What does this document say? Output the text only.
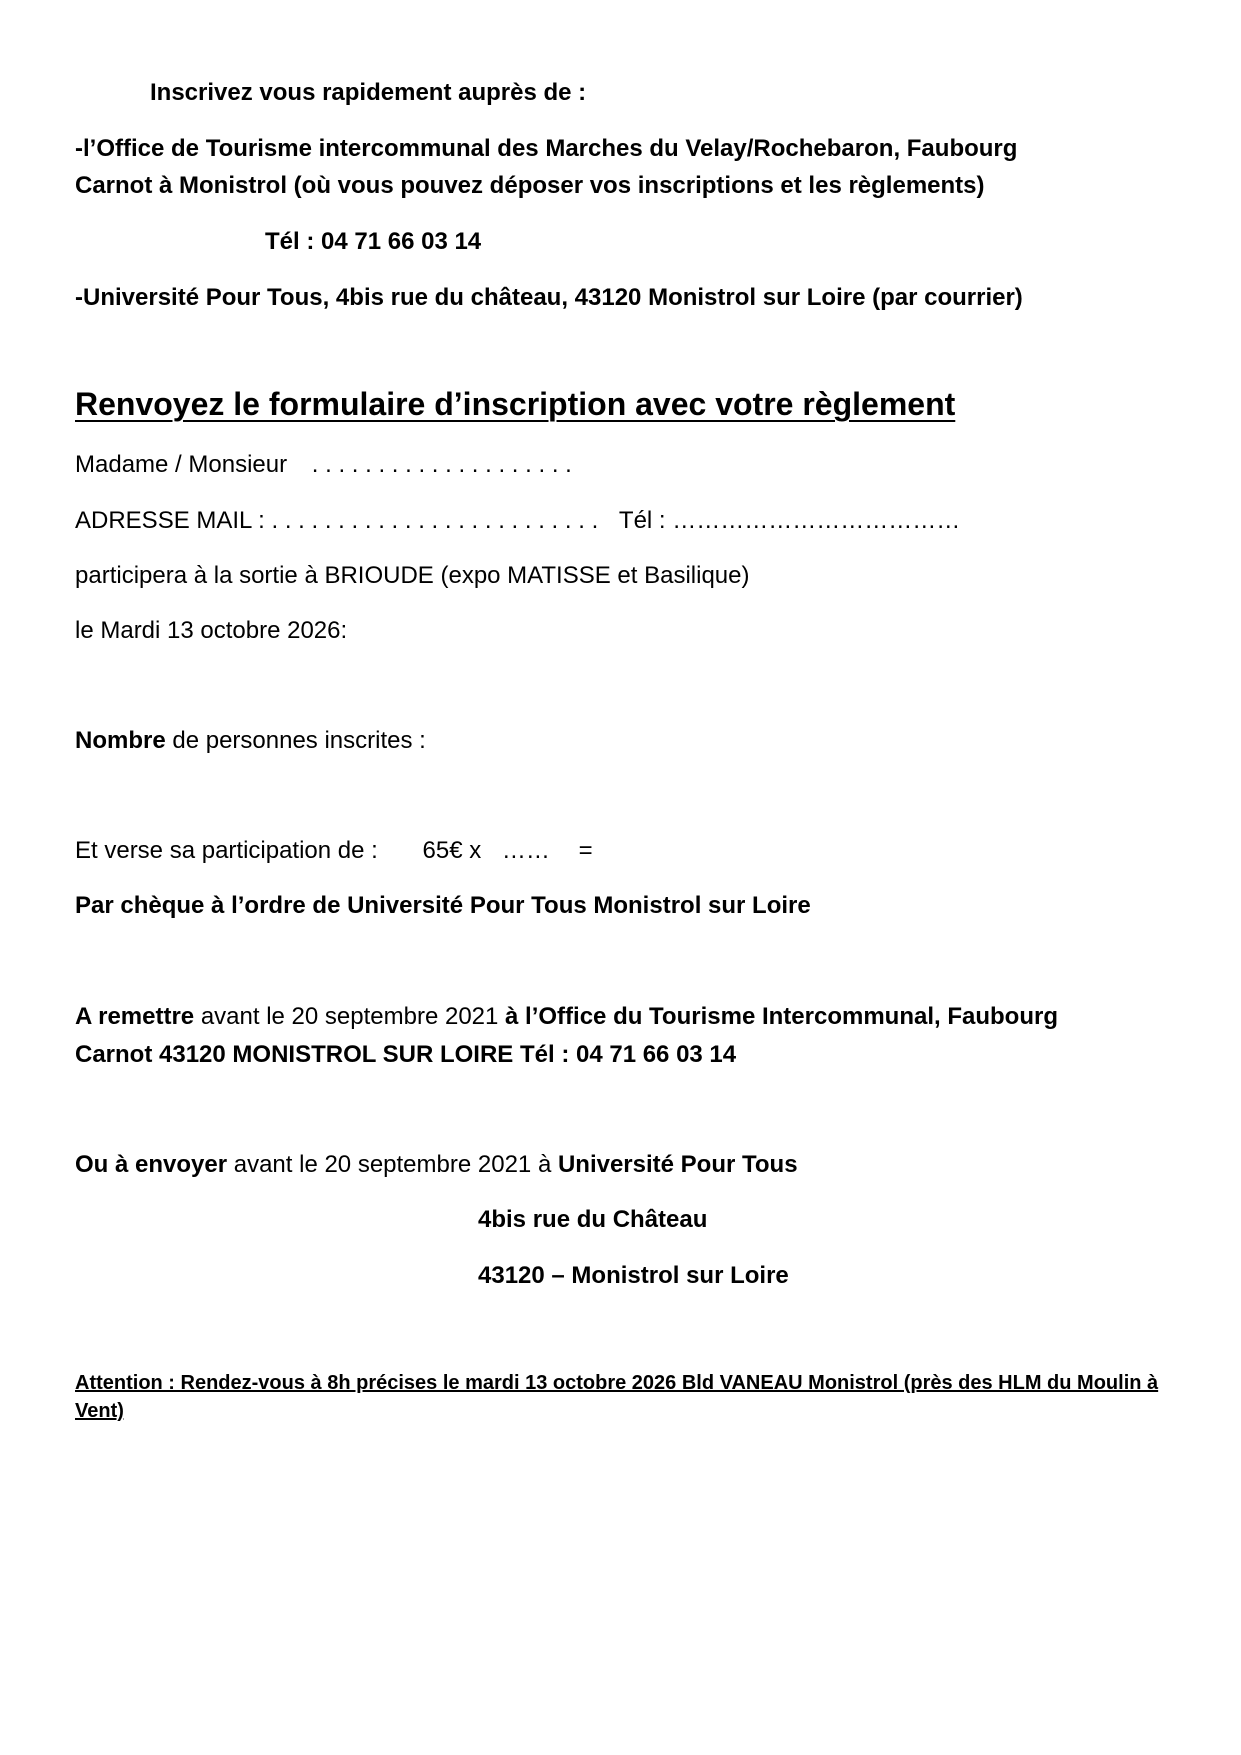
Inscrivez vous rapidement auprès de :
-l’Office de Tourisme intercommunal des Marches du Velay/Rochebaron, Faubourg
Carnot à Monistrol (où vous pouvez déposer vos inscriptions et les règlements)
Tél : 04 71 66 03 14
-Université Pour Tous, 4bis rue du château, 43120 Monistrol sur Loire (par courrier)
Renvoyez le formulaire d’inscription avec votre règlement
Madame / Monsieur . . . . . . . . . . . . . . . . . . . .
ADRESSE MAIL : . . . . . . . . . . . . . . . . . . . . . . . . . Tél : ………………………………
participera à la sortie à BRIOUDE (expo MATISSE et Basilique)
le Mardi 13 octobre 2026:
Nombre de personnes inscrites :
Et verse sa participation de : 65€ x …… =
Par chèque à l’ordre de Université Pour Tous Monistrol sur Loire
A remettre avant le 20 septembre 2021 à l’Office du Tourisme Intercommunal, Faubourg
Carnot 43120 MONISTROL SUR LOIRE Tél : 04 71 66 03 14
Ou à envoyer avant le 20 septembre 2021 à Université Pour Tous
4bis rue du Château
43120 – Monistrol sur Loire
Attention : Rendez-vous à 8h précises le mardi 13 octobre 2026 Bld VANEAU Monistrol (près des HLM du Moulin à Vent)
